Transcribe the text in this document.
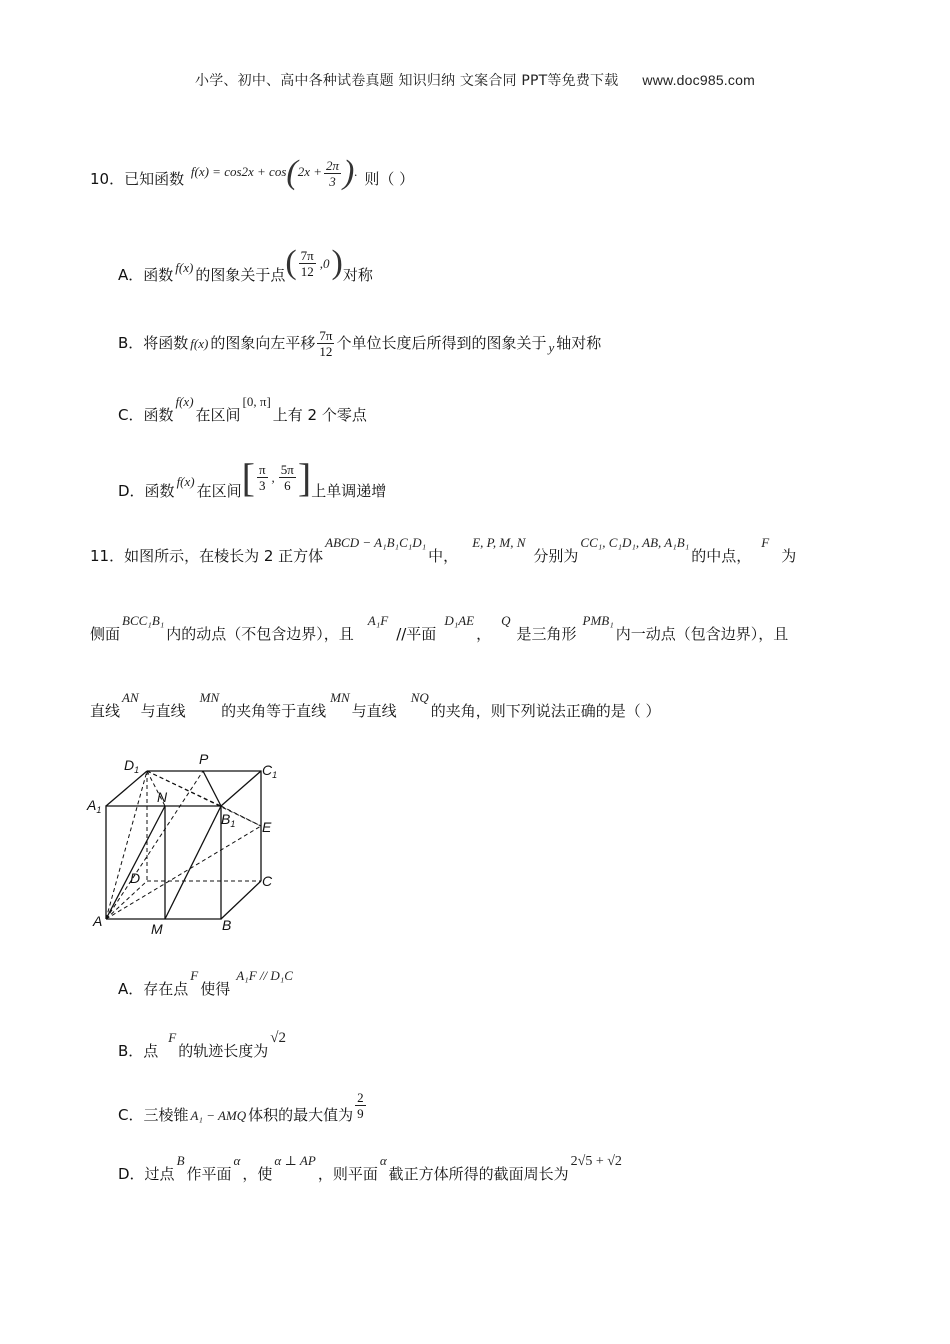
小学、初中、高中各种试卷真题 知识归纳 文案合同 PPT等免费下载 www.doc985.com
10．已知函数 $f(x) = \cos 2x + \cos(2x + \frac{2\pi}{3}$ ). 则（ ）
A．函数 f(x) 的图象关于点( $\frac{7\pi}{12} ,0$)对称
B．将函数 f(x) 的图象向左平移 $\frac{7\pi}{12}$ 个单位长度后所得到的图象关于 y 轴对称
C．函数f(x)在区间[0, π]上有 2 个零点
D．函数f(x)在区间[ $\frac{\pi}{3}$ , $\frac{5\pi}{6}$ ]上单调递增
11．如图所示，在棱长为 2 正方体ABCD − A₁B₁C₁D₁中，E, P, M, N分别为CC₁, C₁D₁, AB, A₁B₁的中点，F为
侧面BCC₁B₁内的动点（不包含边界），且A₁F//平面D₁AE，Q是三角形PMB₁内一动点（包含边界），且
直线AN与直线MN的夹角等于直线MN与直线NQ的夹角，则下列说法正确的是（ ）
$D_1$
P
$C_1$
$A_1$
N
$B_1$ E
D	C
A	M	B
A．存在点F使得A₁F // D₁C
B．点F的轨迹长度为√2
C．三棱锥 A₁ − AMQ 体积的最大值为 $\frac{2}{9}$
D．过点B作平面α，使α ⊥ AP，则平面α截正方体所得的截面周长为2√5 + √2
